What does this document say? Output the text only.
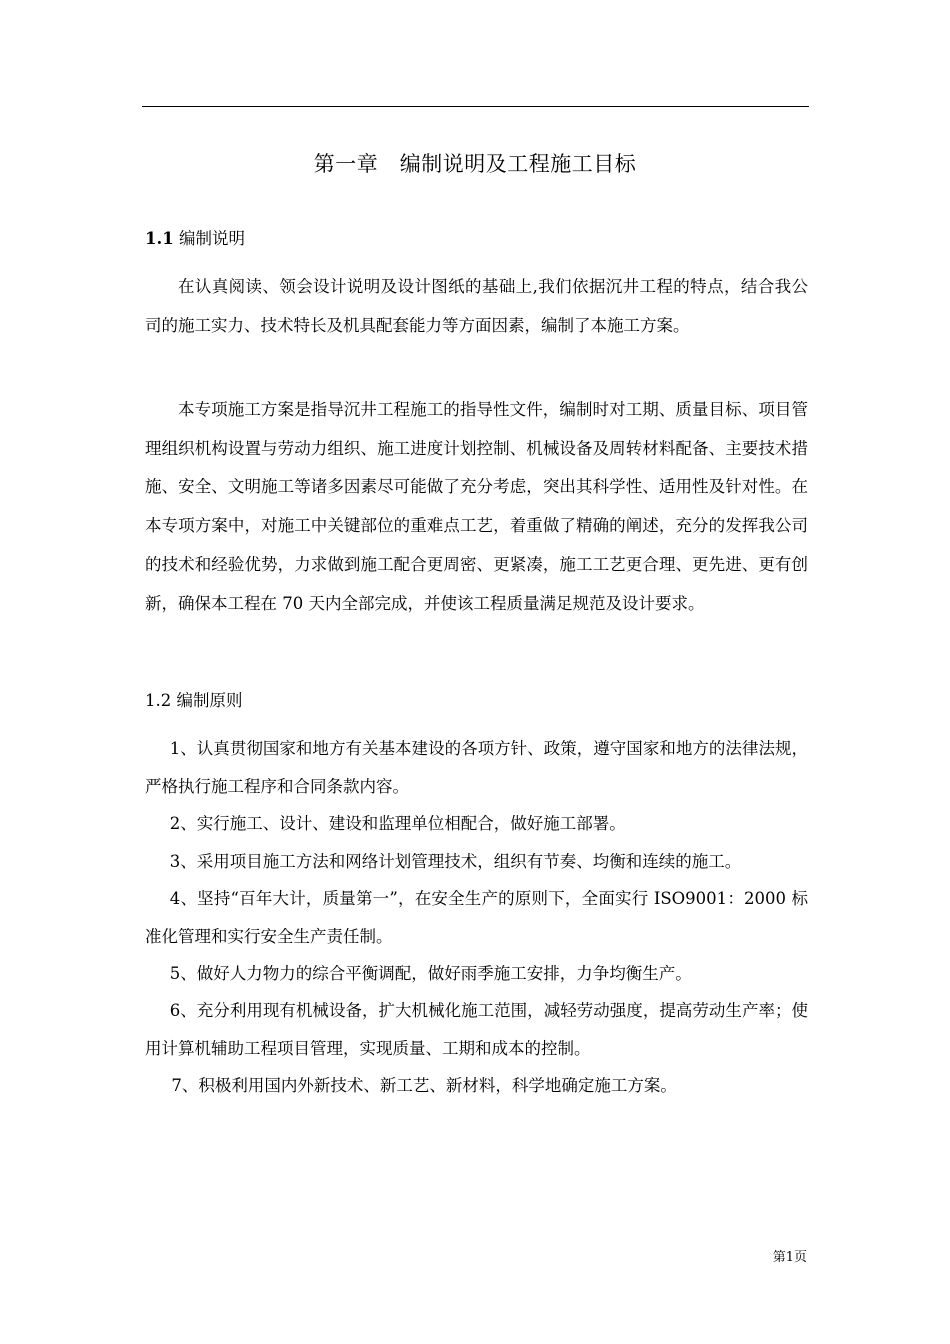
第一章　编制说明及工程施工目标
1.1 编制说明
在认真阅读、领会设计说明及设计图纸的基础上,我们依据沉井工程的特点，结合我公司的施工实力、技术特长及机具配套能力等方面因素，编制了本施工方案。
本专项施工方案是指导沉井工程施工的指导性文件，编制时对工期、质量目标、项目管理组织机构设置与劳动力组织、施工进度计划控制、机械设备及周转材料配备、主要技术措施、安全、文明施工等诸多因素尽可能做了充分考虑，突出其科学性、适用性及针对性。在本专项方案中，对施工中关键部位的重难点工艺，着重做了精确的阐述，充分的发挥我公司的技术和经验优势，力求做到施工配合更周密、更紧凑，施工工艺更合理、更先进、更有创新，确保本工程在 70 天内全部完成，并使该工程质量满足规范及设计要求。
1.2 编制原则
1、认真贯彻国家和地方有关基本建设的各项方针、政策，遵守国家和地方的法律法规，严格执行施工程序和合同条款内容。
2、实行施工、设计、建设和监理单位相配合，做好施工部署。
3、采用项目施工方法和网络计划管理技术，组织有节奏、均衡和连续的施工。
4、坚持“百年大计，质量第一”，在安全生产的原则下，全面实行 ISO9001：2000 标准化管理和实行安全生产责任制。
5、做好人力物力的综合平衡调配，做好雨季施工安排，力争均衡生产。
6、充分利用现有机械设备，扩大机械化施工范围，减轻劳动强度，提高劳动生产率；使用计算机辅助工程项目管理，实现质量、工期和成本的控制。
7、积极利用国内外新技术、新工艺、新材料，科学地确定施工方案。
第1页
